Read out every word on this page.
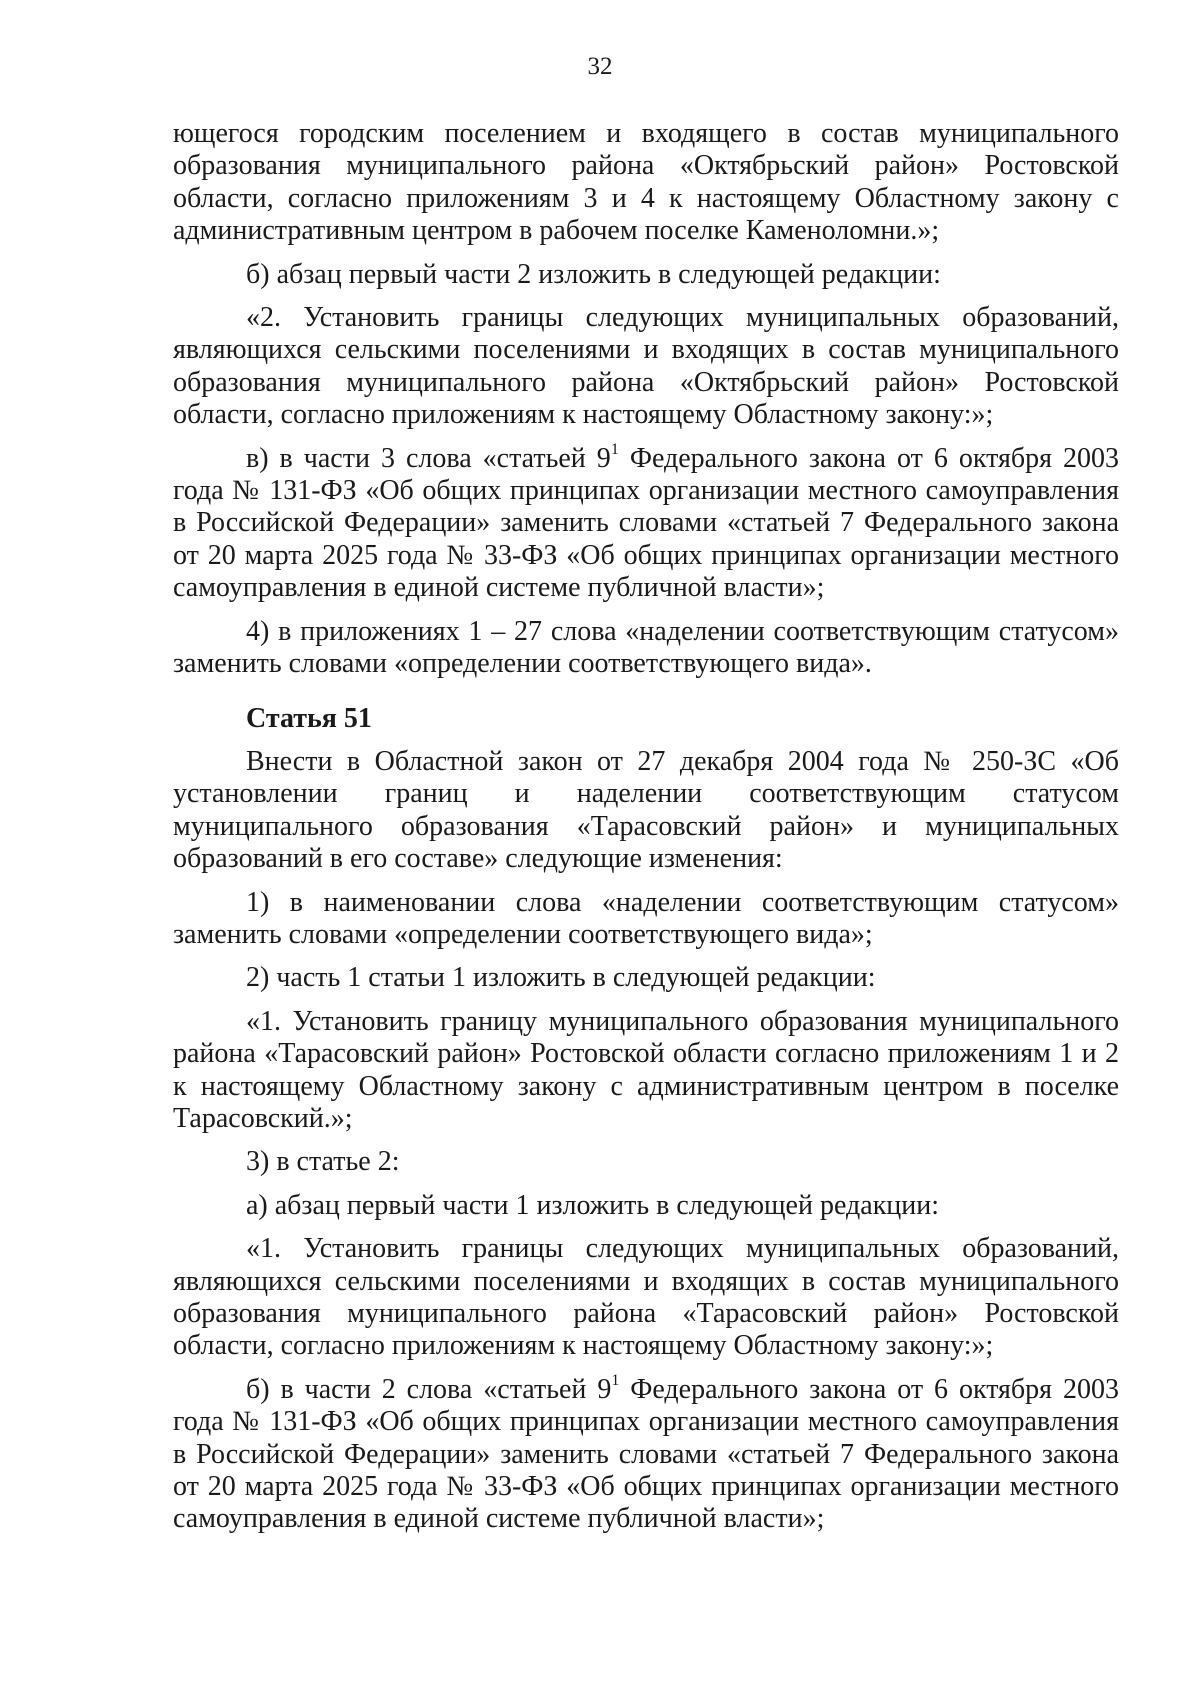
32

ющегося городским поселением и входящего в состав муниципального образования муниципального района «Октябрьский район» Ростовской области, согласно приложениям 3 и 4 к настоящему Областному закону с административным центром в рабочем поселке Каменоломни.»;

б) абзац первый части 2 изложить в следующей редакции:

«2. Установить границы следующих муниципальных образований, являющихся сельскими поселениями и входящих в состав муниципального образования муниципального района «Октябрьский район» Ростовской области, согласно приложениям к настоящему Областному закону:»;

в) в части 3 слова «статьей $9^1$ Федерального закона от 6 октября 2003 года № 131-ФЗ «Об общих принципах организации местного самоуправления в Российской Федерации» заменить словами «статьей 7 Федерального закона от 20 марта 2025 года № 33-ФЗ «Об общих принципах организации местного самоуправления в единой системе публичной власти»;

4) в приложениях 1 – 27 слова «наделении соответствующим статусом» заменить словами «определении соответствующего вида».

Статья 51

Внести в Областной закон от 27 декабря 2004 года № 250-ЗС «Об установлении границ и наделении соответствующим статусом муниципального образования «Тарасовский район» и муниципальных образований в его составе» следующие изменения:

1) в наименовании слова «наделении соответствующим статусом» заменить словами «определении соответствующего вида»;

2) часть 1 статьи 1 изложить в следующей редакции:

«1. Установить границу муниципального образования муниципального района «Тарасовский район» Ростовской области согласно приложениям 1 и 2 к настоящему Областному закону с административным центром в поселке Тарасовский.»;

3) в статье 2:

а) абзац первый части 1 изложить в следующей редакции:

«1. Установить границы следующих муниципальных образований, являющихся сельскими поселениями и входящих в состав муниципального образования муниципального района «Тарасовский район» Ростовской области, согласно приложениям к настоящему Областному закону:»;

б) в части 2 слова «статьей $9^1$ Федерального закона от 6 октября 2003 года № 131-ФЗ «Об общих принципах организации местного самоуправления в Российской Федерации» заменить словами «статьей 7 Федерального закона от 20 марта 2025 года № 33-ФЗ «Об общих принципах организации местного самоуправления в единой системе публичной власти»;
